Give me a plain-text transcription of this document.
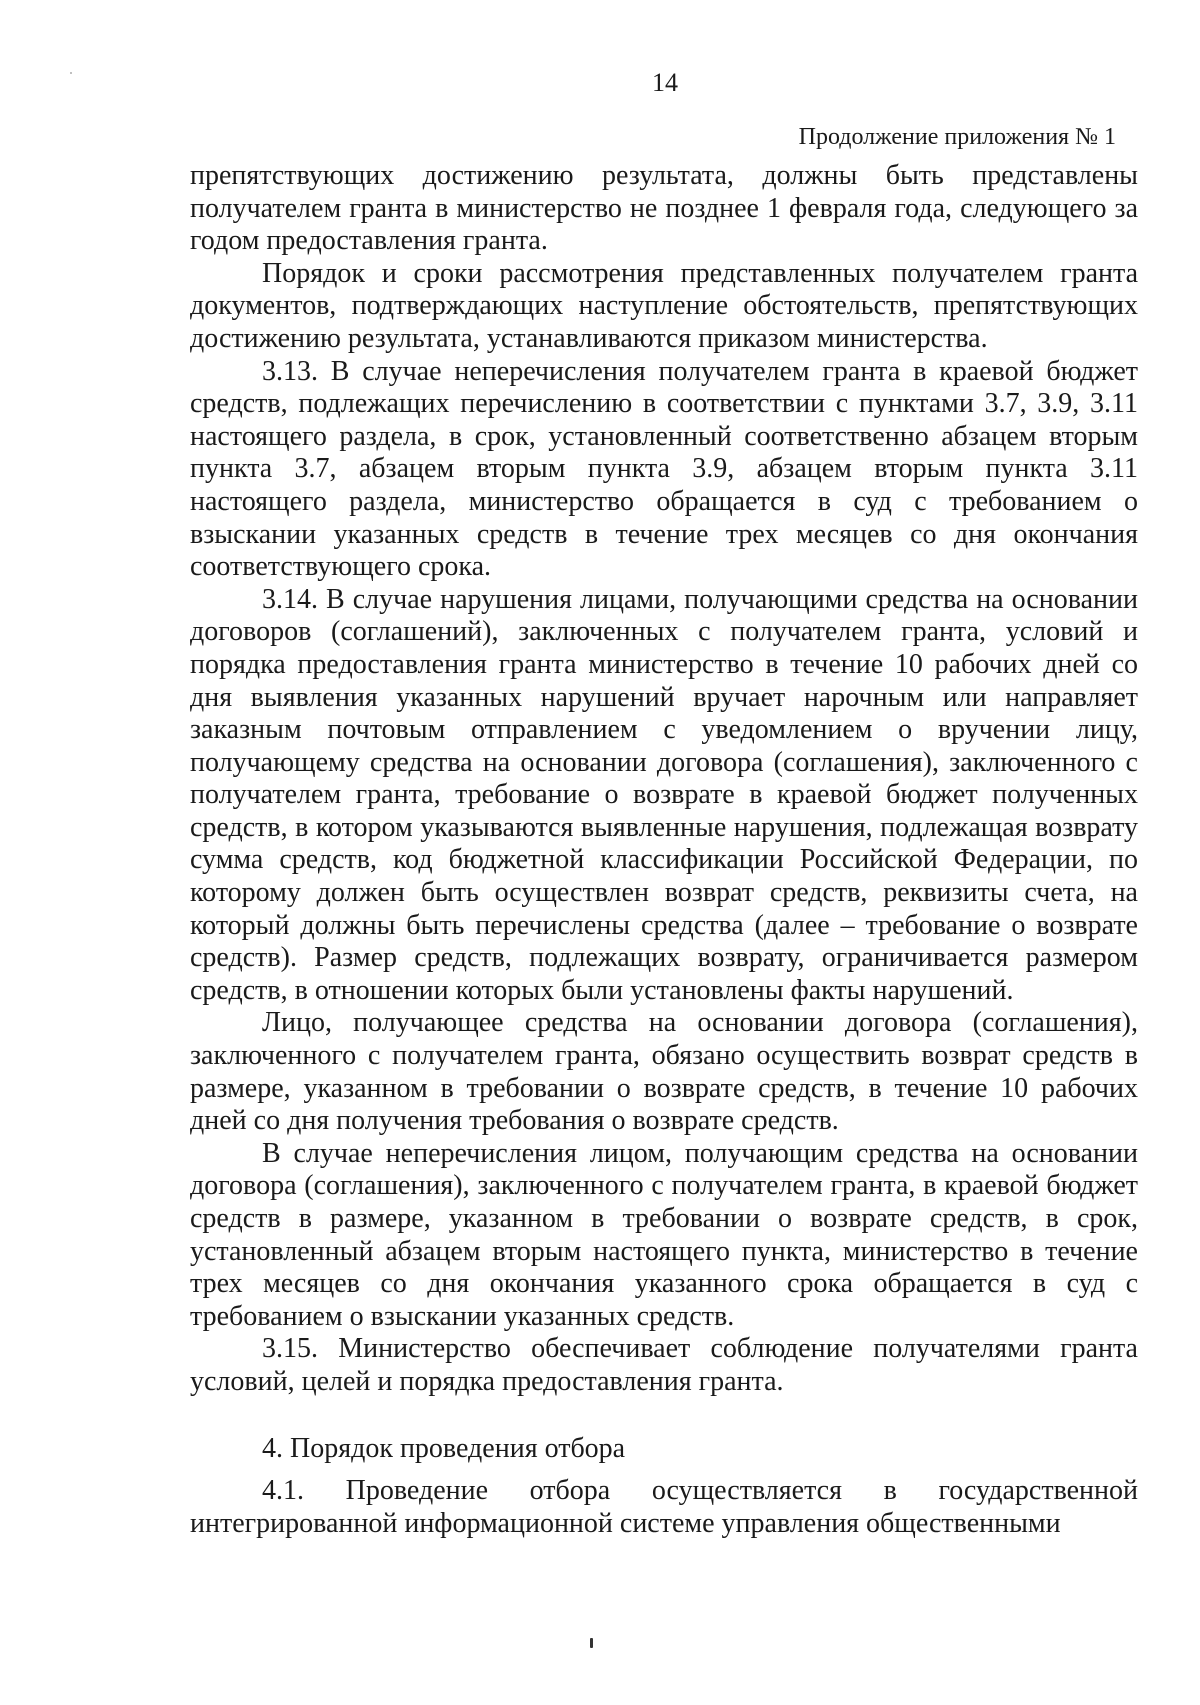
14
Продолжение приложения № 1

препятствующих достижению результата, должны быть представлены получателем гранта в министерство не позднее 1 февраля года, следующего за годом предоставления гранта.

Порядок и сроки рассмотрения представленных получателем гранта документов, подтверждающих наступление обстоятельств, препятствующих достижению результата, устанавливаются приказом министерства.

3.13. В случае неперечисления получателем гранта в краевой бюджет средств, подлежащих перечислению в соответствии с пунктами 3.7, 3.9, 3.11 настоящего раздела, в срок, установленный соответственно абзацем вторым пункта 3.7, абзацем вторым пункта 3.9, абзацем вторым пункта 3.11 настоящего раздела, министерство обращается в суд с требованием о взыскании указанных средств в течение трех месяцев со дня окончания соответствующего срока.

3.14. В случае нарушения лицами, получающими средства на основании договоров (соглашений), заключенных с получателем гранта, условий и порядка предоставления гранта министерство в течение 10 рабочих дней со дня выявления указанных нарушений вручает нарочным или направляет заказным почтовым отправлением с уведомлением о вручении лицу, получающему средства на основании договора (соглашения), заключенного с получателем гранта, требование о возврате в краевой бюджет полученных средств, в котором указываются выявленные нарушения, подлежащая возврату сумма средств, код бюджетной классификации Российской Федерации, по которому должен быть осуществлен возврат средств, реквизиты счета, на который должны быть перечислены средства (далее – требование о возврате средств). Размер средств, подлежащих возврату, ограничивается размером средств, в отношении которых были установлены факты нарушений.

Лицо, получающее средства на основании договора (соглашения), заключенного с получателем гранта, обязано осуществить возврат средств в размере, указанном в требовании о возврате средств, в течение 10 рабочих дней со дня получения требования о возврате средств.

В случае неперечисления лицом, получающим средства на основании договора (соглашения), заключенного с получателем гранта, в краевой бюджет средств в размере, указанном в требовании о возврате средств, в срок, установленный абзацем вторым настоящего пункта, министерство в течение трех месяцев со дня окончания указанного срока обращается в суд с требованием о взыскании указанных средств.

3.15. Министерство обеспечивает соблюдение получателями гранта условий, целей и порядка предоставления гранта.

4. Порядок проведения отбора

4.1. Проведение отбора осуществляется в государственной интегрированной информационной системе управления общественными
